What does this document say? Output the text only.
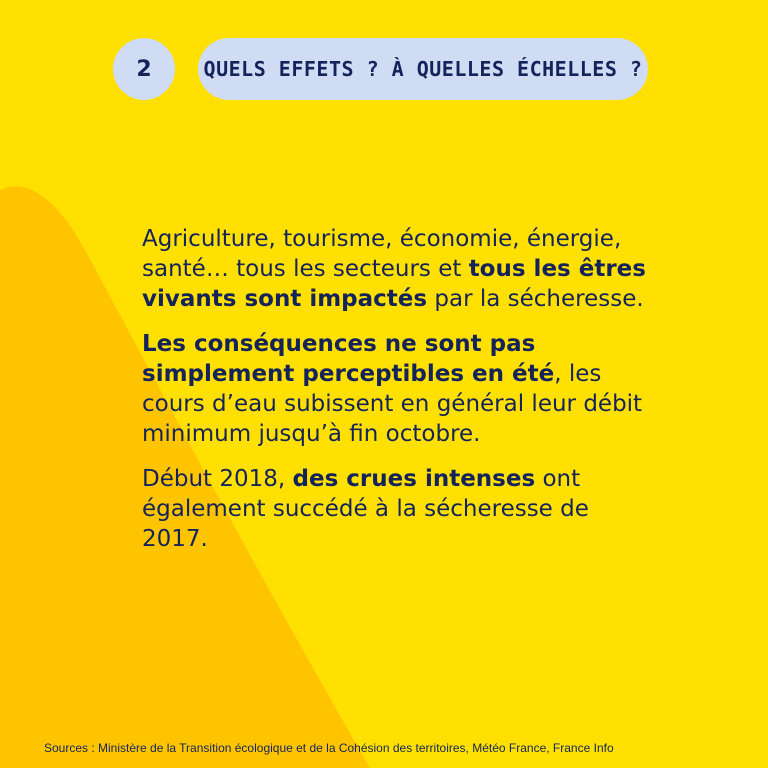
2	QUELS EFFETS ? À QUELLES ÉCHELLES ?

Agriculture, tourisme, économie, énergie, santé… tous les secteurs et tous les êtres vivants sont impactés par la sécheresse.

Les conséquences ne sont pas simplement perceptibles en été, les cours d’eau subissent en général leur débit minimum jusqu’à fin octobre.

Début 2018, des crues intenses ont également succédé à la sécheresse de 2017.

Sources : Ministère de la Transition écologique et de la Cohésion des territoires, Météo France, France Info
